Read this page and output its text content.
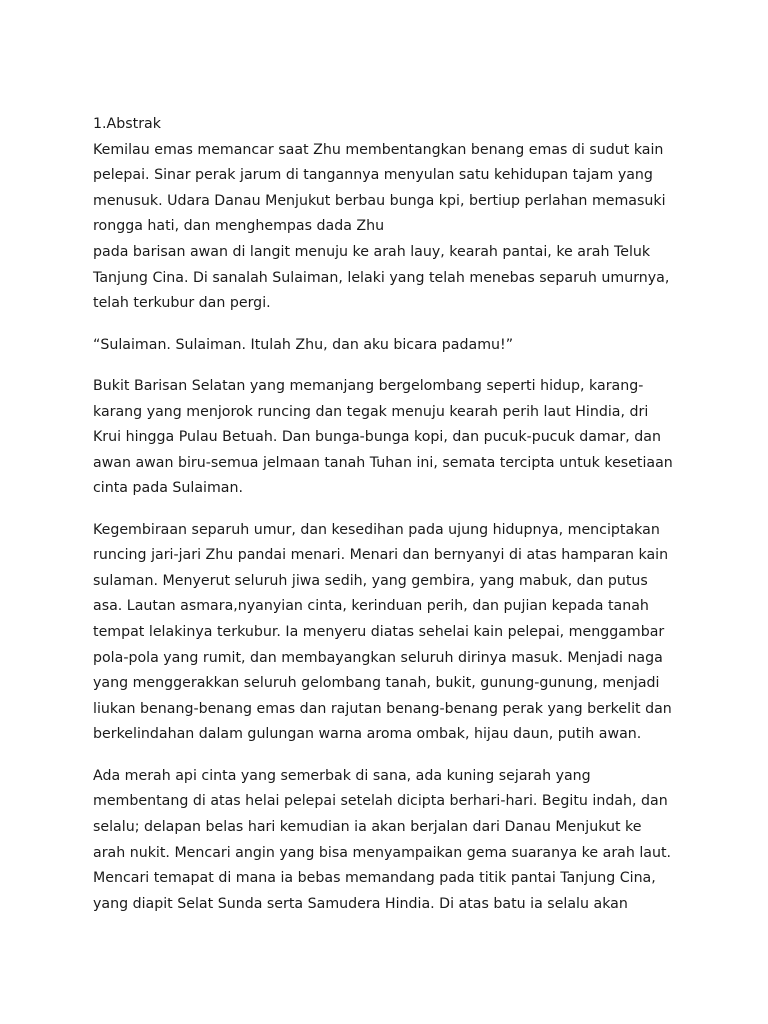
1.Abstrak
Kemilau emas memancar saat Zhu membentangkan benang emas di sudut kain
pelepai. Sinar perak jarum di tangannya menyulan satu kehidupan tajam yang
menusuk. Udara Danau Menjukut berbau bunga kpi, bertiup perlahan memasuki
rongga hati, dan menghempas dada Zhu
pada barisan awan di langit menuju ke arah lauy, kearah pantai, ke arah Teluk
Tanjung Cina. Di sanalah Sulaiman, lelaki yang telah menebas separuh umurnya,
telah terkubur dan pergi.
“Sulaiman. Sulaiman. Itulah Zhu, dan aku bicara padamu!”
Bukit Barisan Selatan yang memanjang bergelombang seperti hidup, karang-
karang yang menjorok runcing dan tegak menuju kearah perih laut Hindia, dri
Krui hingga Pulau Betuah. Dan bunga-bunga kopi, dan pucuk-pucuk damar, dan
awan awan biru-semua jelmaan tanah Tuhan ini, semata tercipta untuk kesetiaan
cinta pada Sulaiman.
Kegembiraan separuh umur, dan kesedihan pada ujung hidupnya, menciptakan
runcing jari-jari Zhu pandai menari. Menari dan bernyanyi di atas hamparan kain
sulaman. Menyerut seluruh jiwa sedih, yang gembira, yang mabuk, dan putus
asa. Lautan asmara,nyanyian cinta, kerinduan perih, dan pujian kepada tanah
tempat lelakinya terkubur. Ia menyeru diatas sehelai kain pelepai, menggambar
pola-pola yang rumit, dan membayangkan seluruh dirinya masuk. Menjadi naga
yang menggerakkan seluruh gelombang tanah, bukit, gunung-gunung, menjadi
liukan benang-benang emas dan rajutan benang-benang perak yang berkelit dan
berkelindahan dalam gulungan warna aroma ombak, hijau daun, putih awan.
Ada merah api cinta yang semerbak di sana, ada kuning sejarah yang
membentang di atas helai pelepai setelah dicipta berhari-hari. Begitu indah, dan
selalu; delapan belas hari kemudian ia akan berjalan dari Danau Menjukut ke
arah nukit. Mencari angin yang bisa menyampaikan gema suaranya ke arah laut.
Mencari temapat di mana ia bebas memandang pada titik pantai Tanjung Cina,
yang diapit Selat Sunda serta Samudera Hindia. Di atas batu ia selalu akan
